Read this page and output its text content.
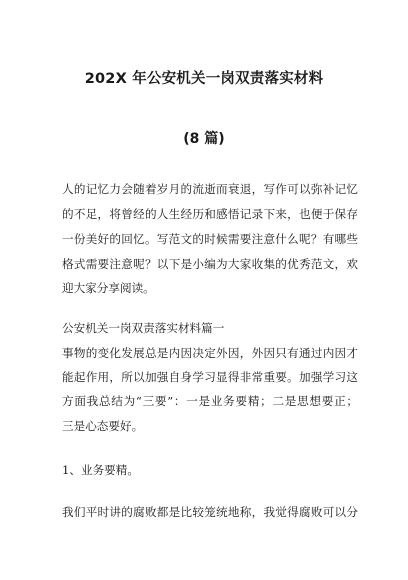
202X 年公安机关一岗双责落实材料
(8 篇)
人的记忆力会随着岁月的流逝而衰退，写作可以弥补记忆
的不足，将曾经的人生经历和感悟记录下来，也便于保存
一份美好的回忆。写范文的时候需要注意什么呢？有哪些
格式需要注意呢？以下是小编为大家收集的优秀范文，欢
迎大家分享阅读。
公安机关一岗双责落实材料篇一
事物的变化发展总是内因决定外因，外因只有通过内因才
能起作用，所以加强自身学习显得非常重要。加强学习这
方面我总结为“三要”：一是业务要精；二是思想要正；
三是心态要好。
1、业务要精。
我们平时讲的腐败都是比较笼统地称，我觉得腐败可以分
